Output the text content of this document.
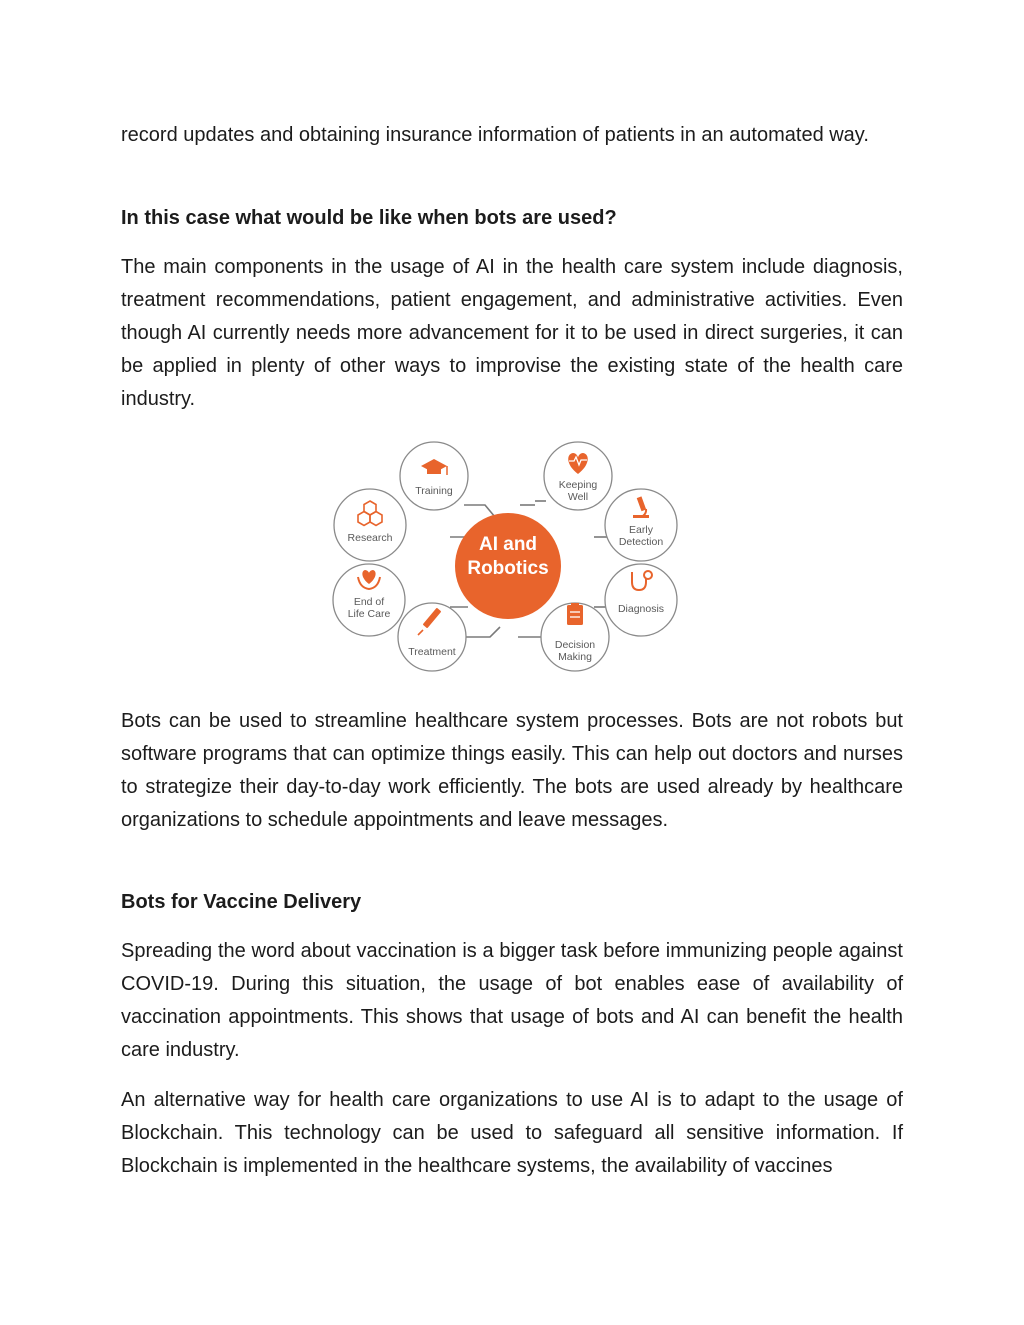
record updates and obtaining insurance information of patients in an automated way.

In this case what would be like when bots are used?

The main components in the usage of AI in the health care system include diagnosis, treatment recommendations, patient engagement, and administrative activities. Even though AI currently needs more advancement for it to be used in direct surgeries, it can be applied in plenty of other ways to improvise the existing state of the health care industry.

AI and
Robotics
Training	Keeping
Well
Research
Early
Detection
End of
Life Care	Diagnosis
Treatment
Decision
Making

Bots can be used to streamline healthcare system processes. Bots are not robots but software programs that can optimize things easily. This can help out doctors and nurses to strategize their day-to-day work efficiently. The bots are used already by healthcare organizations to schedule appointments and leave messages.

Bots for Vaccine Delivery

Spreading the word about vaccination is a bigger task before immunizing people against COVID-19. During this situation, the usage of bot enables ease of availability of vaccination appointments. This shows that usage of bots and AI can benefit the health care industry.

An alternative way for health care organizations to use AI is to adapt to the usage of Blockchain. This technology can be used to safeguard all sensitive information. If Blockchain is implemented in the healthcare systems, the availability of vaccines
